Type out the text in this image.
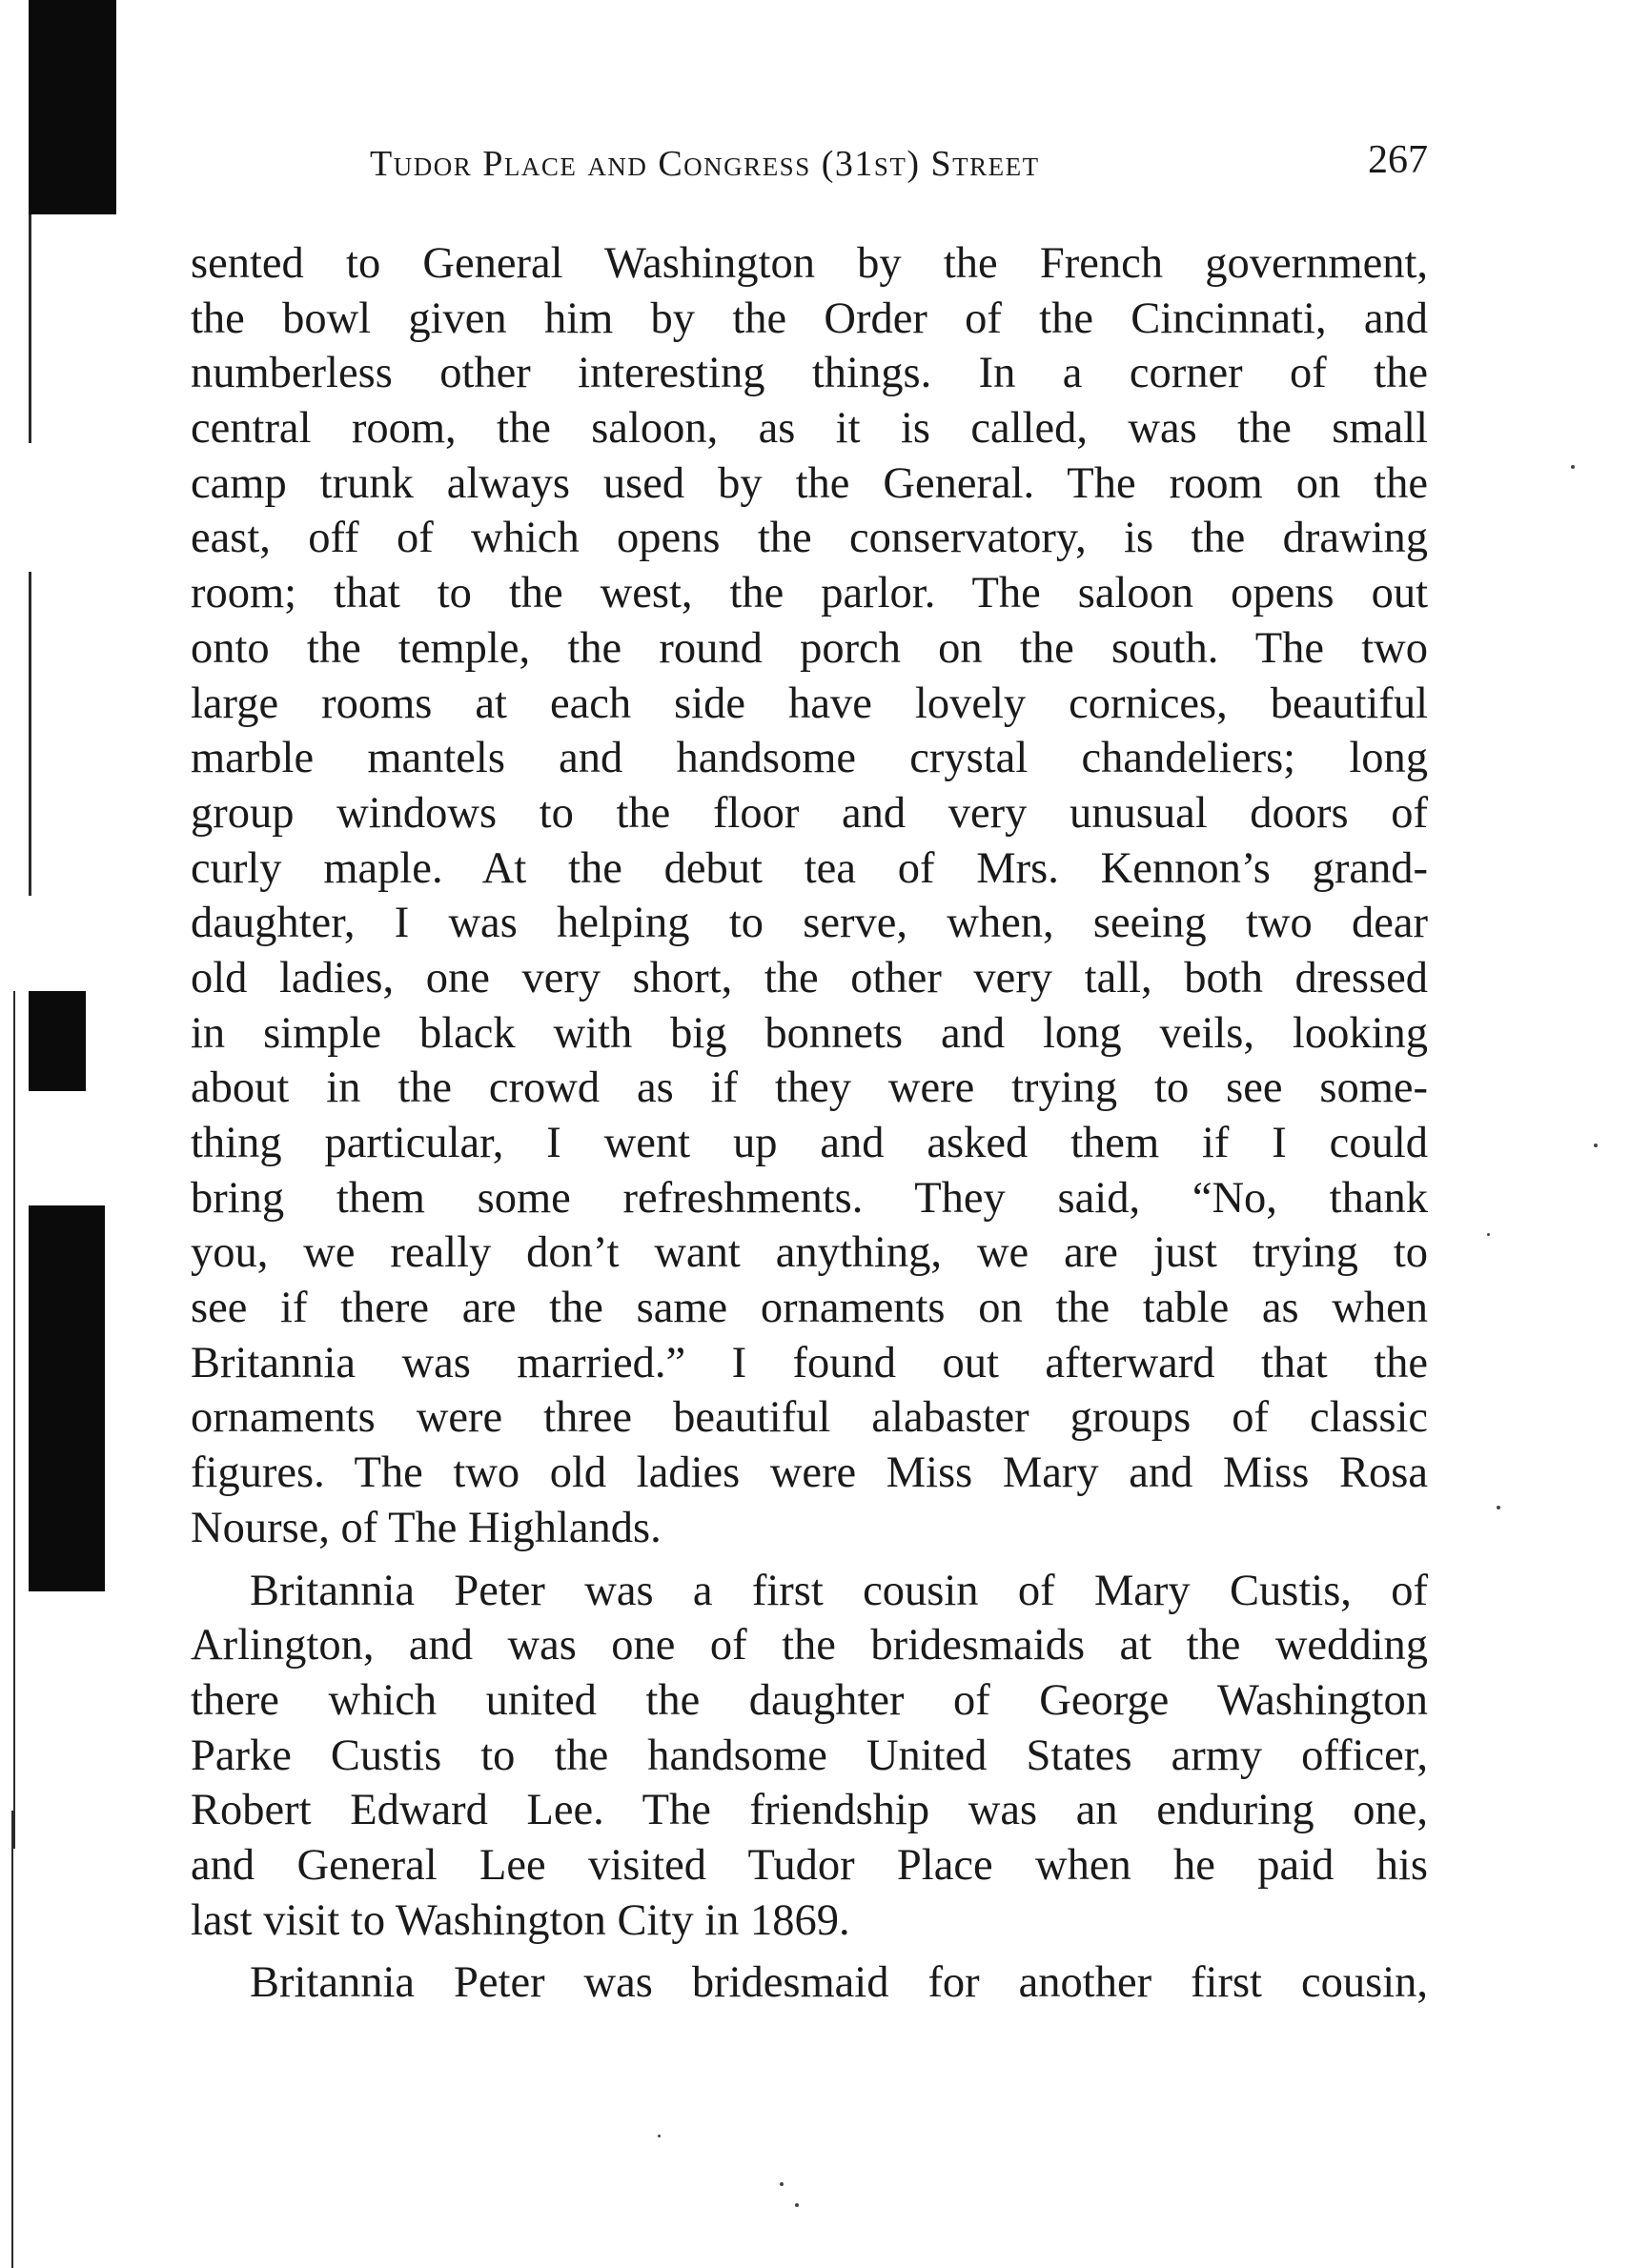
Tudor Place and Congress (31st) Street	267
sented to General Washington by the French government,
the bowl given him by the Order of the Cincinnati, and
numberless other interesting things. In a corner of the
central room, the saloon, as it is called, was the small
camp trunk always used by the General. The room on the
east, off of which opens the conservatory, is the drawing
room; that to the west, the parlor. The saloon opens out
onto the temple, the round porch on the south. The two
large rooms at each side have lovely cornices, beautiful
marble mantels and handsome crystal chandeliers; long
group windows to the floor and very unusual doors of
curly maple. At the debut tea of Mrs. Kennon’s grand-
daughter, I was helping to serve, when, seeing two dear
old ladies, one very short, the other very tall, both dressed
in simple black with big bonnets and long veils, looking
about in the crowd as if they were trying to see some-
thing particular, I went up and asked them if I could
bring them some refreshments. They said, “No, thank
you, we really don’t want anything, we are just trying to
see if there are the same ornaments on the table as when
Britannia was married.” I found out afterward that the
ornaments were three beautiful alabaster groups of classic
figures. The two old ladies were Miss Mary and Miss Rosa
Nourse, of The Highlands.
Britannia Peter was a first cousin of Mary Custis, of
Arlington, and was one of the bridesmaids at the wedding
there which united the daughter of George Washington
Parke Custis to the handsome United States army officer,
Robert Edward Lee. The friendship was an enduring one,
and General Lee visited Tudor Place when he paid his
last visit to Washington City in 1869.
Britannia Peter was bridesmaid for another first cousin,
